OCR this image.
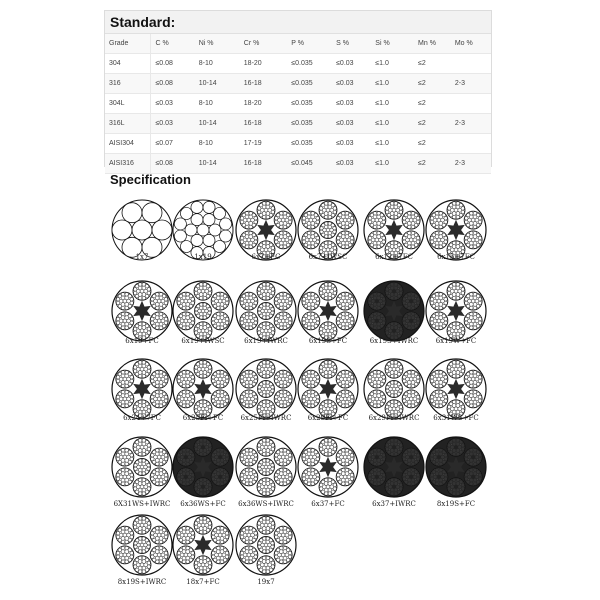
Standard:
Grade	C %	Ni %	Cr %	P %	S %	Si %	Mn %	Mo %
304	≤0.08	8-10	18-20	≤0.035	≤0.03	≤1.0	≤2	
316	≤0.08	10-14	16-18	≤0.035	≤0.03	≤1.0	≤2	2-3
304L	≤0.03	8-10	18-20	≤0.035	≤0.03	≤1.0	≤2	
316L	≤0.03	10-14	16-18	≤0.035	≤0.03	≤1.0	≤2	2-3
AISI304	≤0.07	8-10	17-19	≤0.035	≤0.03	≤1.0	≤2	
AISI316	≤0.08	10-14	16-18	≤0.045	≤0.03	≤1.0	≤2	2-3
Specification
1x7	1x19	6x7+FC	6x7+IWSC	6x12+7FC	6x15+7FC
6x19+FC	6x19+IWSC	6x19+IWRC	6x19S+FC	6x19S+IWRC 6x19W+FC
6x24+7FC	6x25Fi+FC 6x25Fi+IWRC 6x29Fi+FC	6x29Fi+IWRC 6x31WS+FC
6X31WS+IWRC 6x36WS+FC 6x36WS+IWRC 6x37+FC	6x37+IWRC	8x19S+FC
8x19S+IWRC	18x7+FC	19x7
